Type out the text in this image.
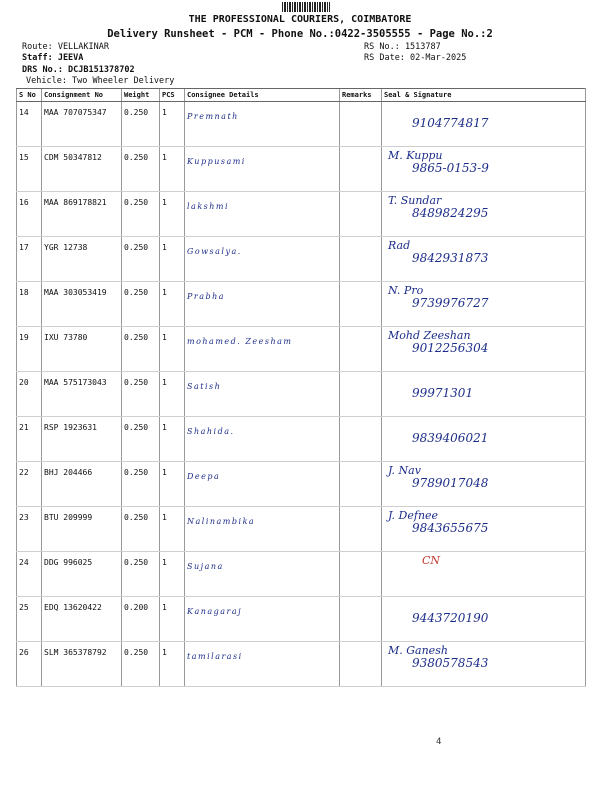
THE PROFESSIONAL COURIERS, COIMBATORE
Delivery Runsheet - PCM - Phone No.:0422-3505555 - Page No.:2
Route: VELLAKINAR
Staff: JEEVA
DRS No.: DCJB151378702
Vehicle: Two Wheeler Delivery
RS No.: 1513787
RS Date: 02-Mar-2025
S No	Consignment No	Weight	PCS	Consignee Details	Remarks	Seal & Signature
14	MAA 707075347	0.250	1	Premnath		9104774817

15	CDM 50347812	0.250	1	Kuppusami		M. Kuppu
9865-0153-9

16	MAA 869178821	0.250	1	lakshmi		T. Sundar
8489824295

17	YGR 12738	0.250	1	Gowsalya.		Rad
9842931873

18	MAA 303053419	0.250	1	Prabha		N. Pro
9739976727

19	IXU 73780	0.250	1	mohamed. Zeesham		Mohd Zeeshan
9012256304

20	MAA 575173043	0.250	1	Satish		99971301

21	RSP 1923631	0.250	1	Shahida.		9839406021

22	BHJ 204466	0.250	1	Deepa		J. Nav
9789017048

23	BTU 209999	0.250	1	Nalinambika		J. Defnee
9843655675

24	DDG 996025	0.250	1	Sujana		CN

25	EDQ 13620422	0.200	1	Kanagaraj		9443720190

26	SLM 365378792	0.250	1	tamilarasi		M. Ganesh
9380578543
4
